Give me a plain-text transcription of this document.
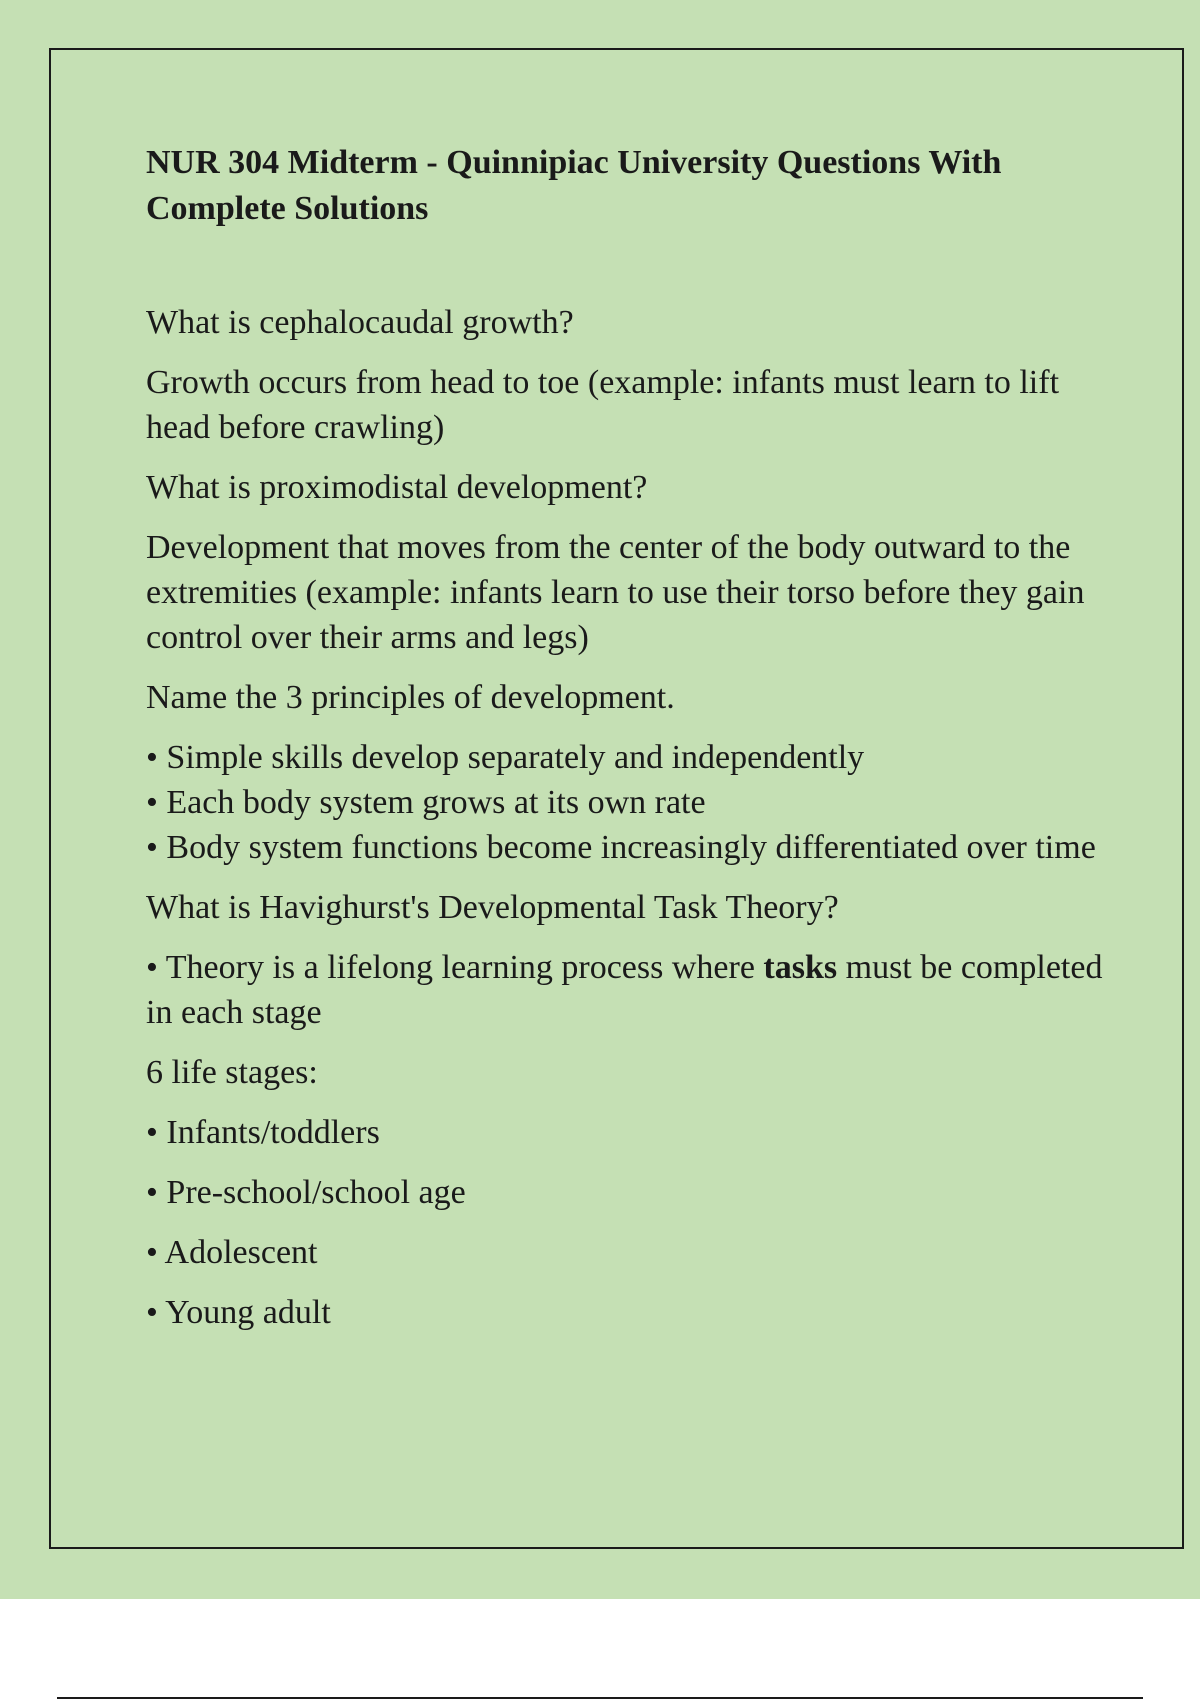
NUR 304 Midterm - Quinnipiac University Questions With Complete Solutions

What is cephalocaudal growth?

Growth occurs from head to toe (example: infants must learn to lift head before crawling)

What is proximodistal development?

Development that moves from the center of the body outward to the extremities (example: infants learn to use their torso before they gain control over their arms and legs)

Name the 3 principles of development.

• Simple skills develop separately and independently

• Each body system grows at its own rate

• Body system functions become increasingly differentiated over time

What is Havighurst's Developmental Task Theory?

• Theory is a lifelong learning process where tasks must be completed in each stage

6 life stages:

• Infants/toddlers

• Pre-school/school age

• Adolescent

• Young adult
